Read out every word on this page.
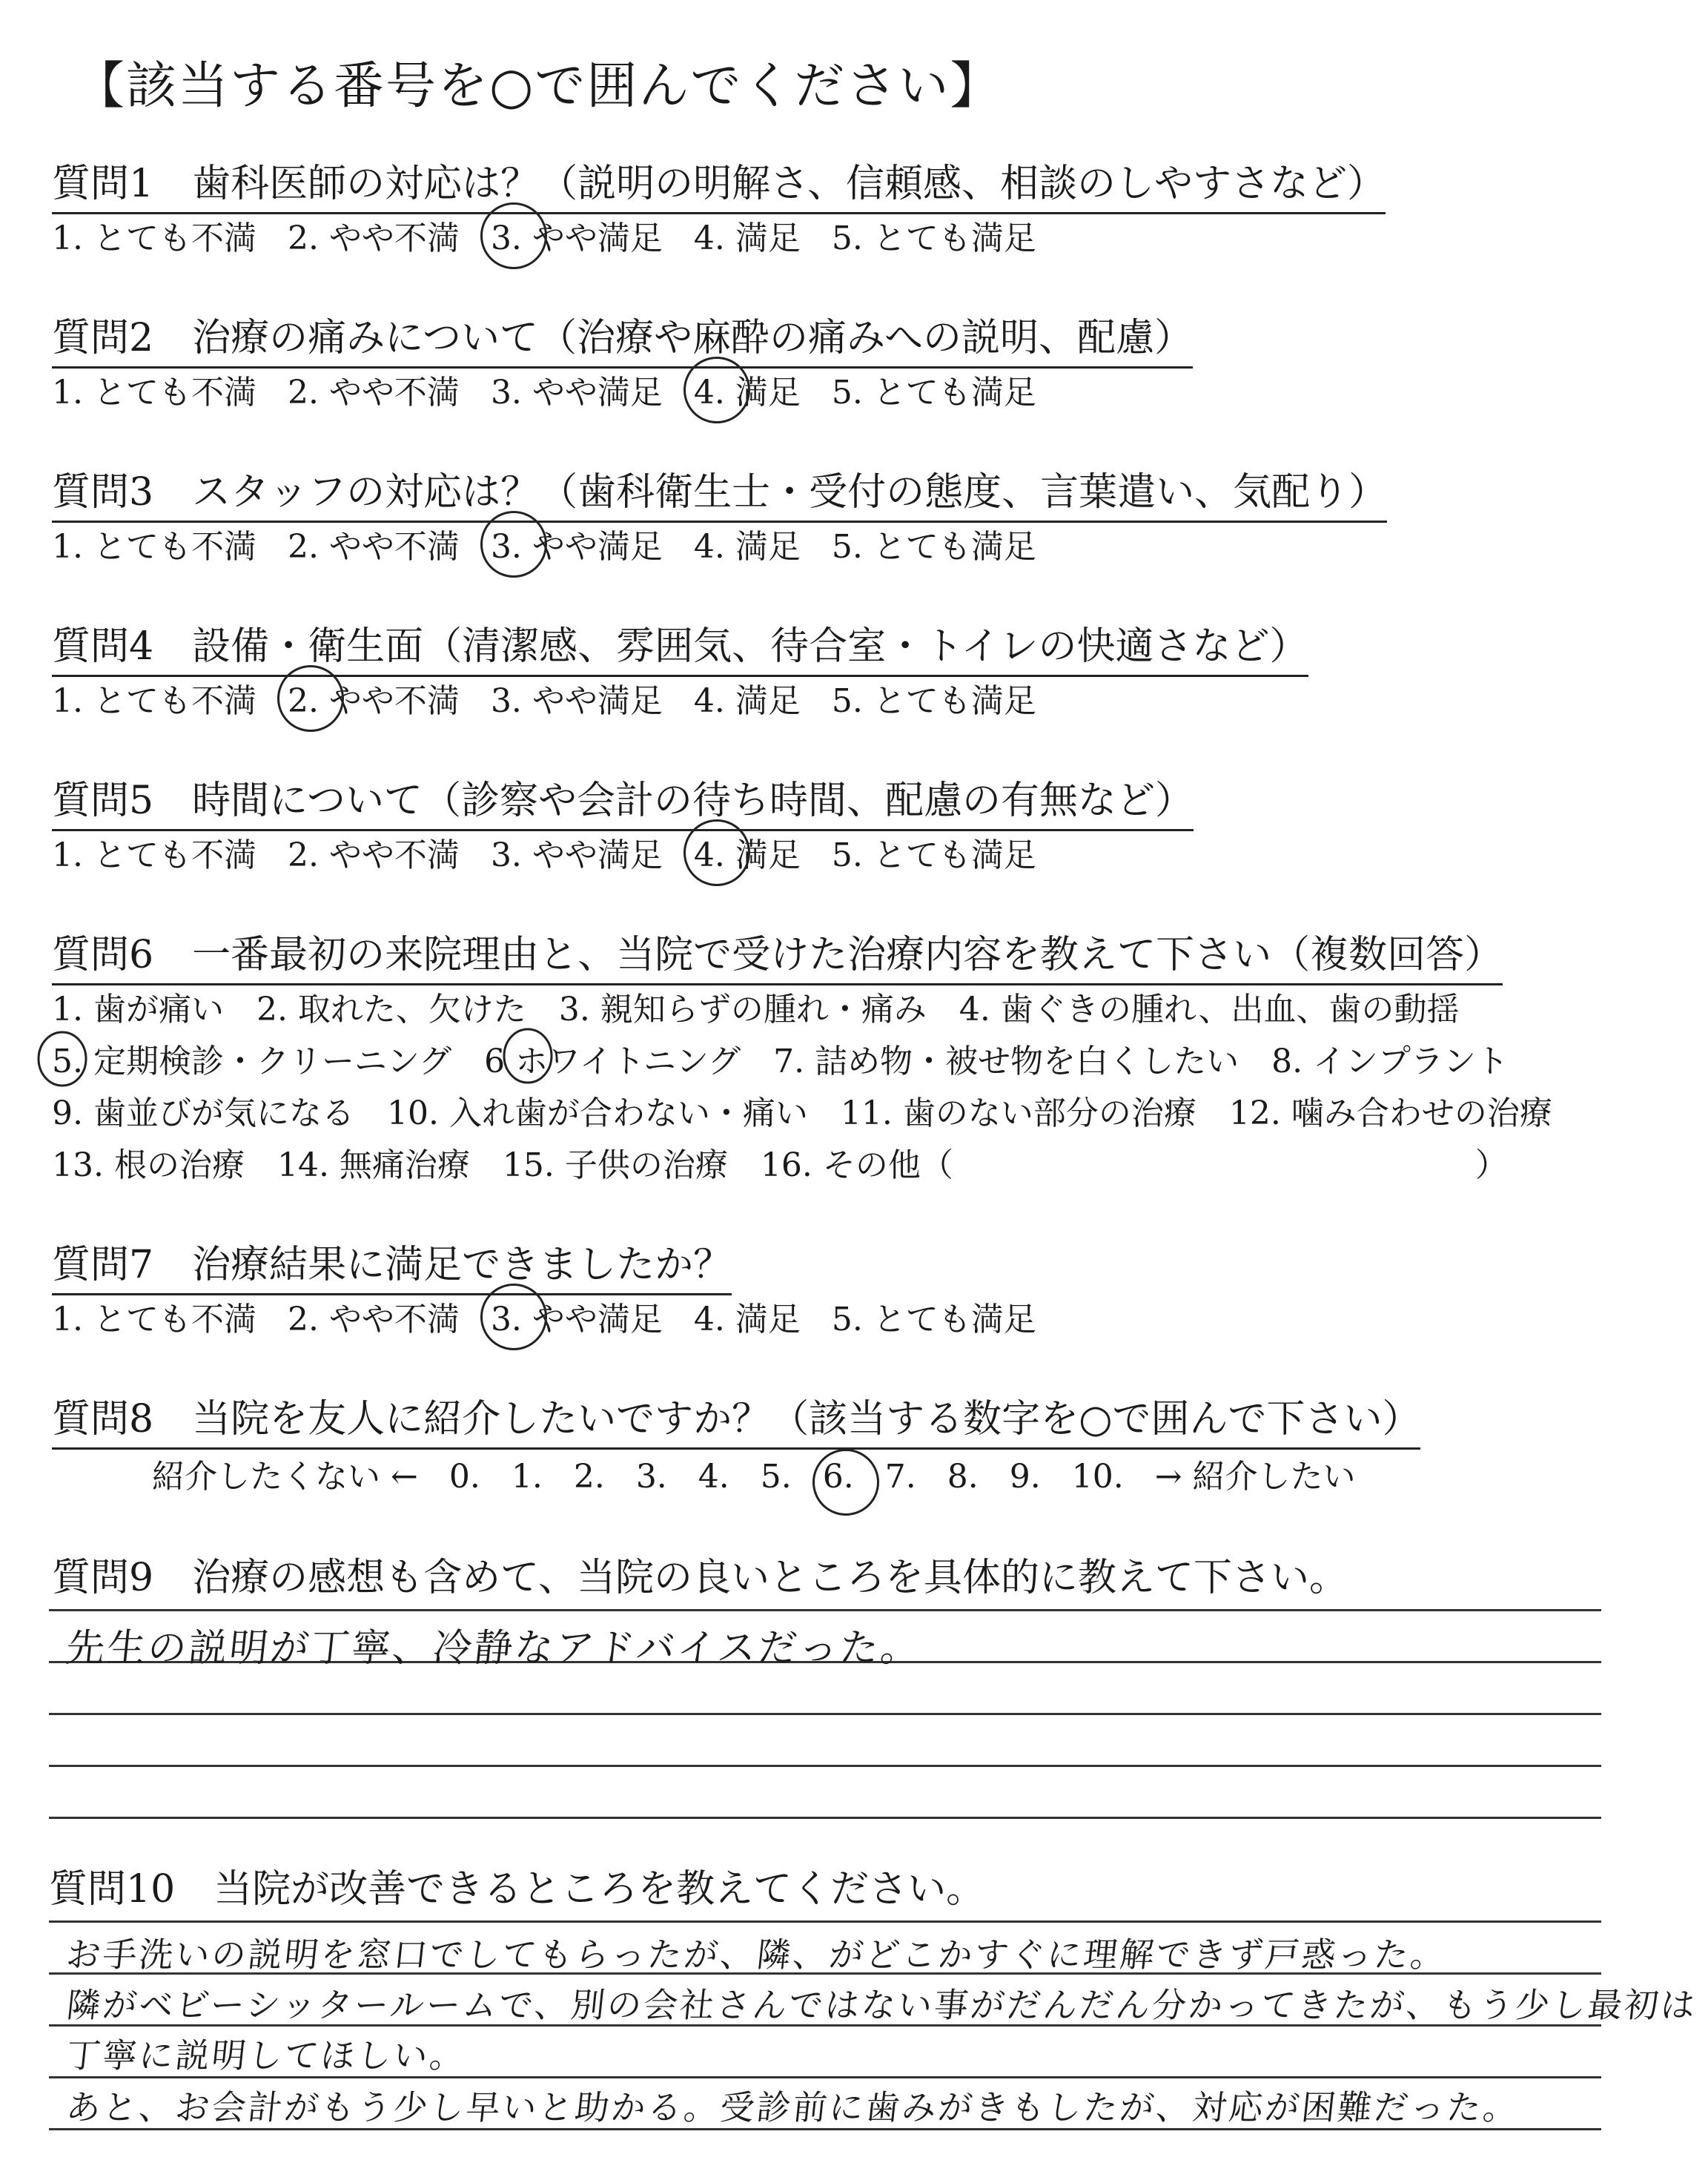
【該当する番号を○で囲んでください】
質問1　歯科医師の対応は？（説明の明解さ、信頼感、相談のしやすさなど）
1. とても不満 2. やや不満 3. やや満足 4. 満足 5. とても満足
質問2　治療の痛みについて（治療や麻酔の痛みへの説明、配慮）
1. とても不満 2. やや不満 3. やや満足 4. 満足 5. とても満足
質問3　スタッフの対応は？（歯科衛生士・受付の態度、言葉遣い、気配り）
1. とても不満 2. やや不満 3. やや満足 4. 満足 5. とても満足
質問4　設備・衛生面（清潔感、雰囲気、待合室・トイレの快適さなど）
1. とても不満 2. やや不満 3. やや満足 4. 満足 5. とても満足
質問5　時間について（診察や会計の待ち時間、配慮の有無など）
1. とても不満 2. やや不満 3. やや満足 4. 満足 5. とても満足
質問6　一番最初の来院理由と、当院で受けた治療内容を教えて下さい（複数回答）
1. 歯が痛い　2. 取れた、欠けた　3. 親知らずの腫れ・痛み　4. 歯ぐきの腫れ、出血、歯の動揺
5. 定期検診・クリーニング　6 ホワイトニング　7. 詰め物・被せ物を白くしたい　8. インプラント
9. 歯並びが気になる　10. 入れ歯が合わない・痛い　11. 歯のない部分の治療　12. 噛み合わせの治療
13. 根の治療　14. 無痛治療　15. 子供の治療　16. その他（　　　　　　　　　　　　　　　　）
質問7　治療結果に満足できましたか？
1. とても不満 2. やや不満 3. やや満足 4. 満足 5. とても満足
質問8　当院を友人に紹介したいですか？（該当する数字を○で囲んで下さい）
紹介したくない ← 0. 1. 2. 3. 4. 5. 6. 7. 8. 9. 10. → 紹介したい
質問9　治療の感想も含めて、当院の良いところを具体的に教えて下さい。
先生の説明が丁寧、冷静なアドバイスだった。
質問10　当院が改善できるところを教えてください。
お手洗いの説明を窓口でしてもらったが、隣、がどこかすぐに理解できず戸惑った。
隣がベビーシッタールームで、別の会社さんではない事がだんだん分かってきたが、もう少し最初は
丁寧に説明してほしい。
あと、お会計がもう少し早いと助かる。受診前に歯みがきもしたが、対応が困難だった。
